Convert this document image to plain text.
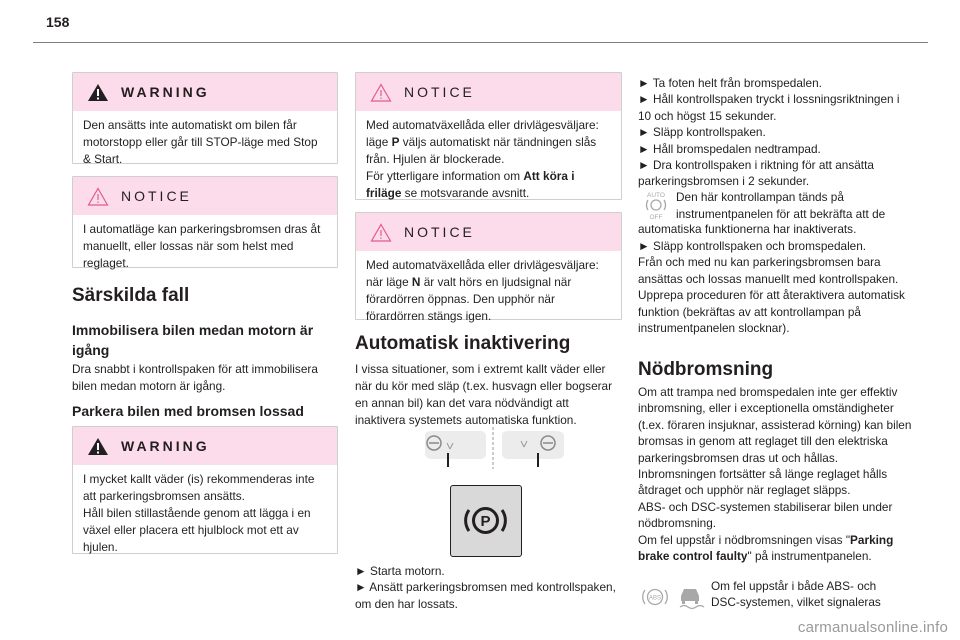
158
WARNING

Den ansätts inte automatiskt om bilen får motorstopp eller går till STOP-läge med Stop & Start.

NOTICE

I automatläge kan parkeringsbromsen dras åt manuellt, eller lossas när som helst med reglaget.

Särskilda fall
Immobilisera bilen medan motorn är igång
Dra snabbt i kontrollspaken för att immobilisera bilen medan motorn är igång.
Parkera bilen med bromsen lossad
WARNING

I mycket kallt väder (is) rekommenderas inte att parkeringsbromsen ansätts.

Håll bilen stillastående genom att lägga i en växel eller placera ett hjulblock mot ett av hjulen.

NOTICE

Med automatväxellåda eller drivlägesväljare: läge P väljs automatiskt när tändningen slås från. Hjulen är blockerade.

För ytterligare information om Att köra i friläge se motsvarande avsnitt.

NOTICE

Med automatväxellåda eller drivlägesväljare: när läge N är valt hörs en ljudsignal när förardörren öppnas. Den upphör när förardörren stängs igen.

Automatisk inaktivering
I vissa situationer, som i extremt kallt väder eller när du kör med släp (t.ex. husvagn eller bogserar en annan bil) kan det vara nödvändigt att inaktivera systemets automatiska funktion.
P

► Starta motorn.

► Ansätt parkeringsbromsen med kontrollspaken, om den har lossats.

► Ta foten helt från bromspedalen.

► Håll kontrollspaken tryckt i lossningsriktningen i 10 och högst 15 sekunder.

► Släpp kontrollspaken.

► Håll bromspedalen nedtrampad.

► Dra kontrollspaken i riktning för att ansätta parkeringsbromsen i 2 sekunder.

AUTO
OFF
Den här kontrollampan tänds på
instrumentpanelen för att bekräfta att de
automatiska funktionerna har inaktiverats.

► Släpp kontrollspaken och bromspedalen.

Från och med nu kan parkeringsbromsen bara ansättas och lossas manuellt med kontrollspaken.

Upprepa proceduren för att återaktivera automatisk funktion (bekräftas av att kontrollampan på instrumentpanelen slocknar).

Nödbromsning

Om att trampa ned bromspedalen inte ger effektiv inbromsning, eller i exceptionella omständigheter (t.ex. föraren insjuknar, assisterad körning) kan bilen bromsas in genom att reglaget till den elektriska parkeringsbromsen dras ut och hållas. Inbromsningen fortsätter så länge reglaget hålls åtdraget och upphör när reglaget släpps.

ABS- och DSC-systemen stabiliserar bilen under nödbromsning.

Om fel uppstår i nödbromsningen visas "Parking brake control faulty" på instrumentpanelen.

ABS
Om fel uppstår i både ABS- och
DSC-systemen, vilket signaleras
carmanualsonline.info
